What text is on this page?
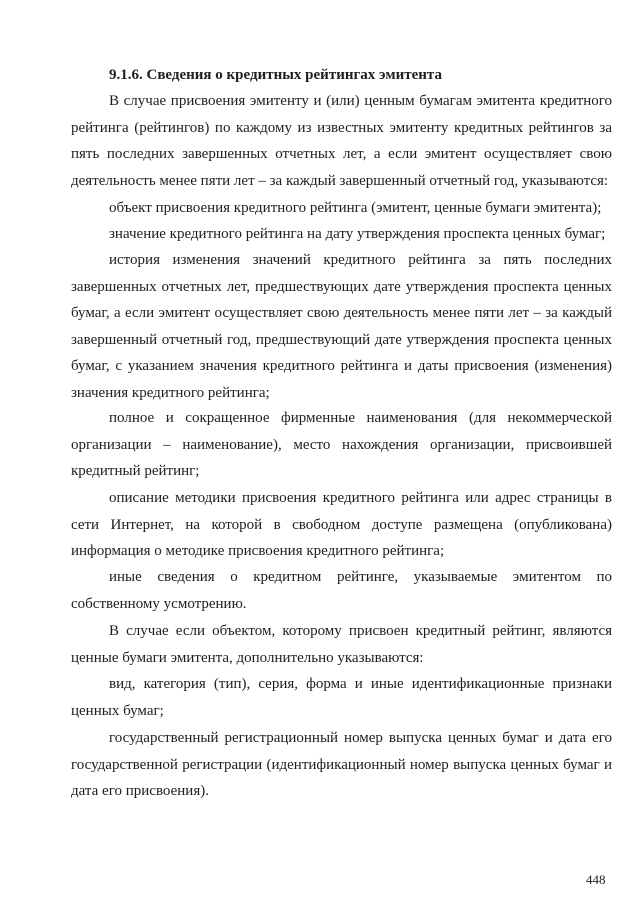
9.1.6. Сведения о кредитных рейтингах эмитента

В случае присвоения эмитенту и (или) ценным бумагам эмитента кредитного рейтинга (рейтингов) по каждому из известных эмитенту кредитных рейтингов за пять последних завершенных отчетных лет, а если эмитент осуществляет свою деятельность менее пяти лет – за каждый завершенный отчетный год, указываются:

объект присвоения кредитного рейтинга (эмитент, ценные бумаги эмитента);

значение кредитного рейтинга на дату утверждения проспекта ценных бумаг;

история изменения значений кредитного рейтинга за пять последних завершенных отчетных лет, предшествующих дате утверждения проспекта ценных бумаг, а если эмитент осуществляет свою деятельность менее пяти лет – за каждый завершенный отчетный год, предшествующий дате утверждения проспекта ценных бумаг, с указанием значения кредитного рейтинга и даты присвоения (изменения) значения кредитного рейтинга;

полное и сокращенное фирменные наименования (для некоммерческой организации – наименование), место нахождения организации, присвоившей кредитный рейтинг;

описание методики присвоения кредитного рейтинга или адрес страницы в сети Интернет, на которой в свободном доступе размещена (опубликована) информация о методике присвоения кредитного рейтинга;

иные сведения о кредитном рейтинге, указываемые эмитентом по собственному усмотрению.

В случае если объектом, которому присвоен кредитный рейтинг, являются ценные бумаги эмитента, дополнительно указываются:

вид, категория (тип), серия, форма и иные идентификационные признаки ценных бумаг;

государственный регистрационный номер выпуска ценных бумаг и дата его государственной регистрации (идентификационный номер выпуска ценных бумаг и дата его присвоения).

448
